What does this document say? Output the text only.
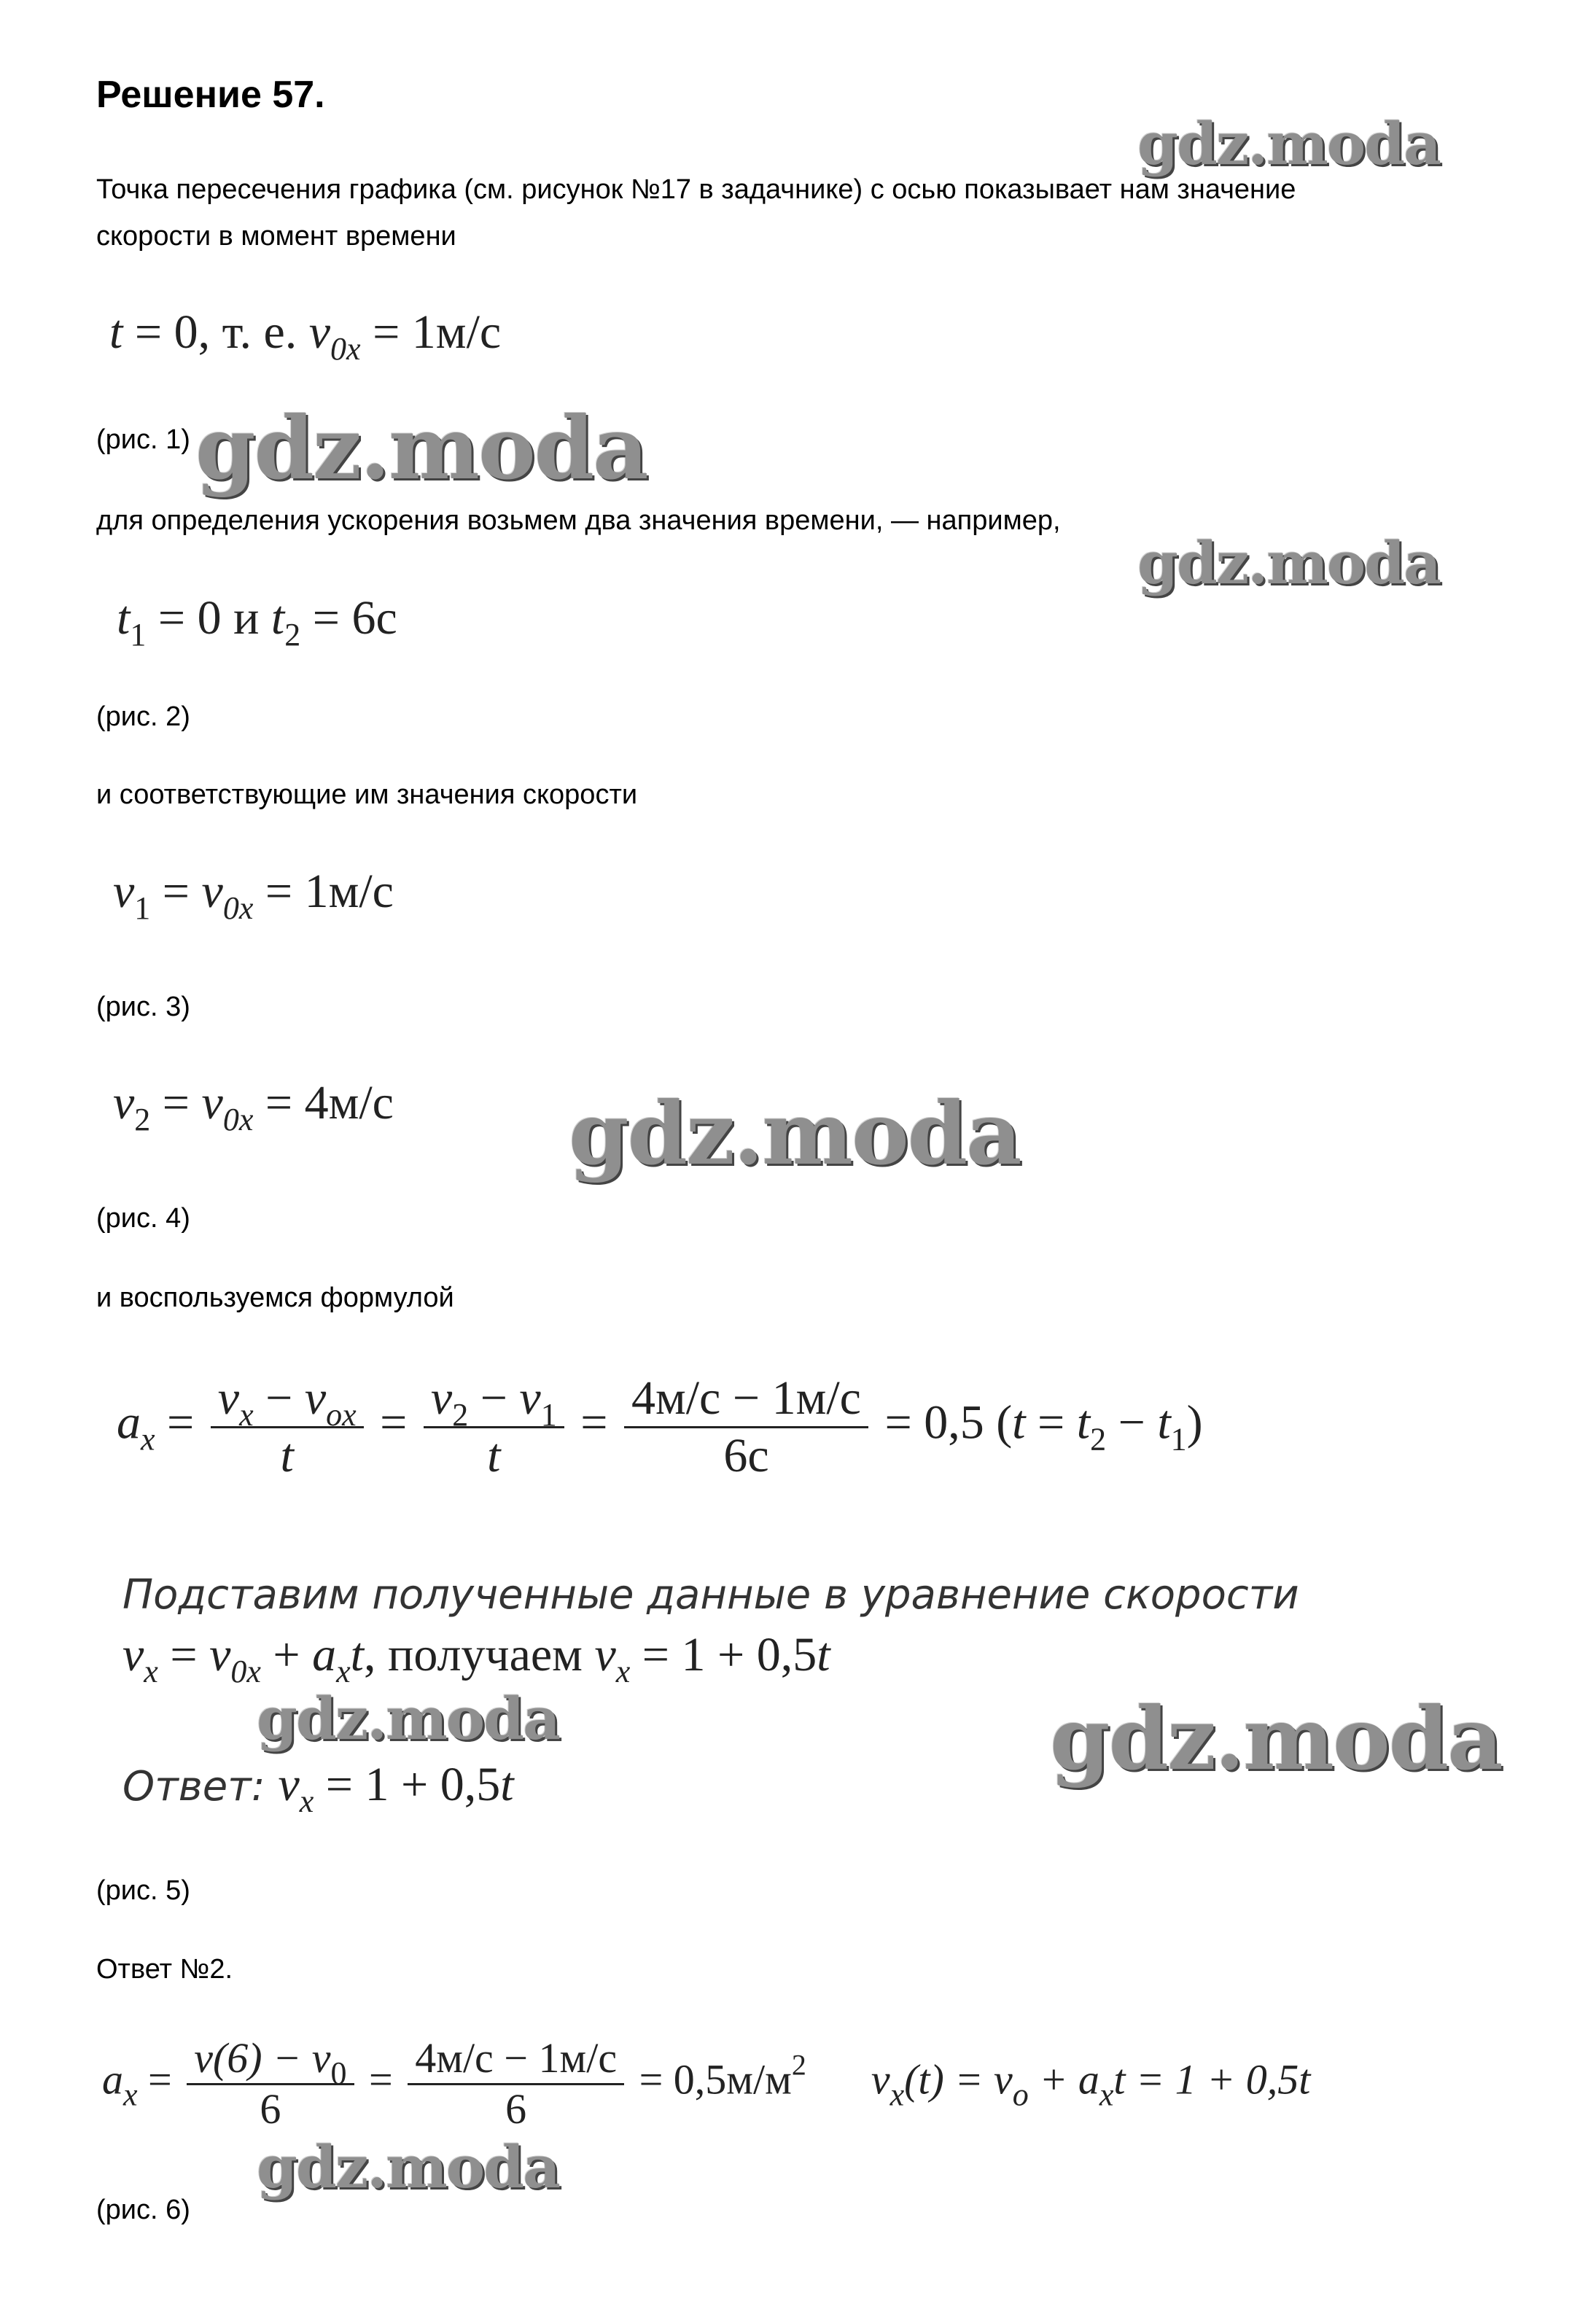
Решение 57.
Точка пересечения графика (см. рисунок №17 в задачнике) с осью показывает нам значение
скорости в момент времени
t = 0, т. е. $v_{0x} = 1м/с$
(рис. 1)
для определения ускорения возьмем два значения времени, — например,
$t_1 = 0$ и $t_2 = 6с$
(рис. 2)
и соответствующие им значения скорости
$v_1 = v_{0x} = 1м/с$
(рис. 3)
$v_2 = v_{0x} = 4м/с$
(рис. 4)
и воспользуемся формулой
$a_x = \frac{v_x - v_{ox}}{t} = \frac{v_2 - v_1}{t} = \frac{4м/с - 1м/с}{6с} = 0,5$ $(t = t_2 - t_1)$
Подставим полученные данные в уравнение скорости
$v_x = v_{0x} + a_xt$, получаем $v_x = 1 + 0,5t$
Ответ: $v_x = 1 + 0,5t$
(рис. 5)
Ответ №2.
$a_x = \frac{v(6) - v_0}{6} = \frac{4м/с - 1м/с}{6} = 0,5м/м^2$ $v_x(t) = v_o + a_xt = 1 + 0,5t$
(рис. 6)
gdz.moda
gdz.moda
gdz.moda
gdz.moda
gdz.moda	gdz.moda
gdz.moda
